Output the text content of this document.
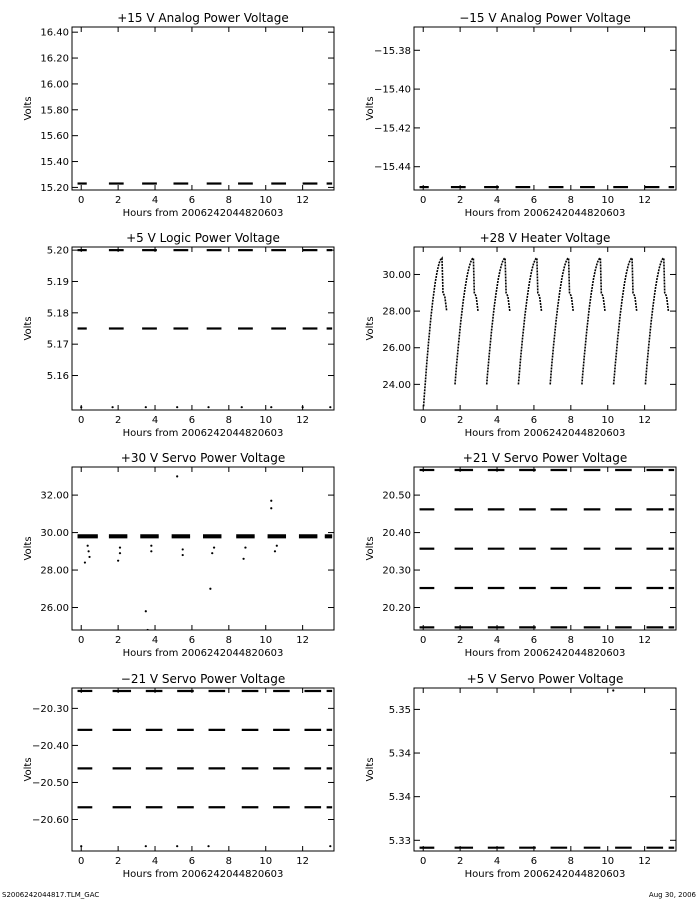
+15 V Analog Power Voltage
Hours from 2006242044820603
Volts
0	2	4	6	8	10 12
15.20
15.40
15.60
15.80
16.00
16.20
16.40
−15 V Analog Power Voltage
Hours from 2006242044820603
Volts
0	2	4	6	8	10 12
−15.38
−15.40
−15.42
−15.44
+5 V Logic Power Voltage
Hours from 2006242044820603
Volts
0	2	4	6	8	10 12
5.16
5.17
5.18
5.19
5.20
+28 V Heater Voltage
Hours from 2006242044820603
Volts
0	2	4	6	8	10 12
24.00
26.00
28.00
30.00
+30 V Servo Power Voltage
Hours from 2006242044820603
Volts
0	2	4	6	8	10 12
26.00
28.00
30.00
32.00
+21 V Servo Power Voltage
Hours from 2006242044820603
Volts
0	2	4	6	8	10 12
20.20
20.30
20.40
20.50
−21 V Servo Power Voltage
Hours from 2006242044820603
Volts
0	2	4	6	8	10 12
−20.30
−20.40
−20.50
−20.60
+5 V Servo Power Voltage
Hours from 2006242044820603
Volts
0	2	4	6	8	10 12
5.33
5.34
5.34
5.35
S2006242044817.TLM_GAC	Aug 30, 2006
